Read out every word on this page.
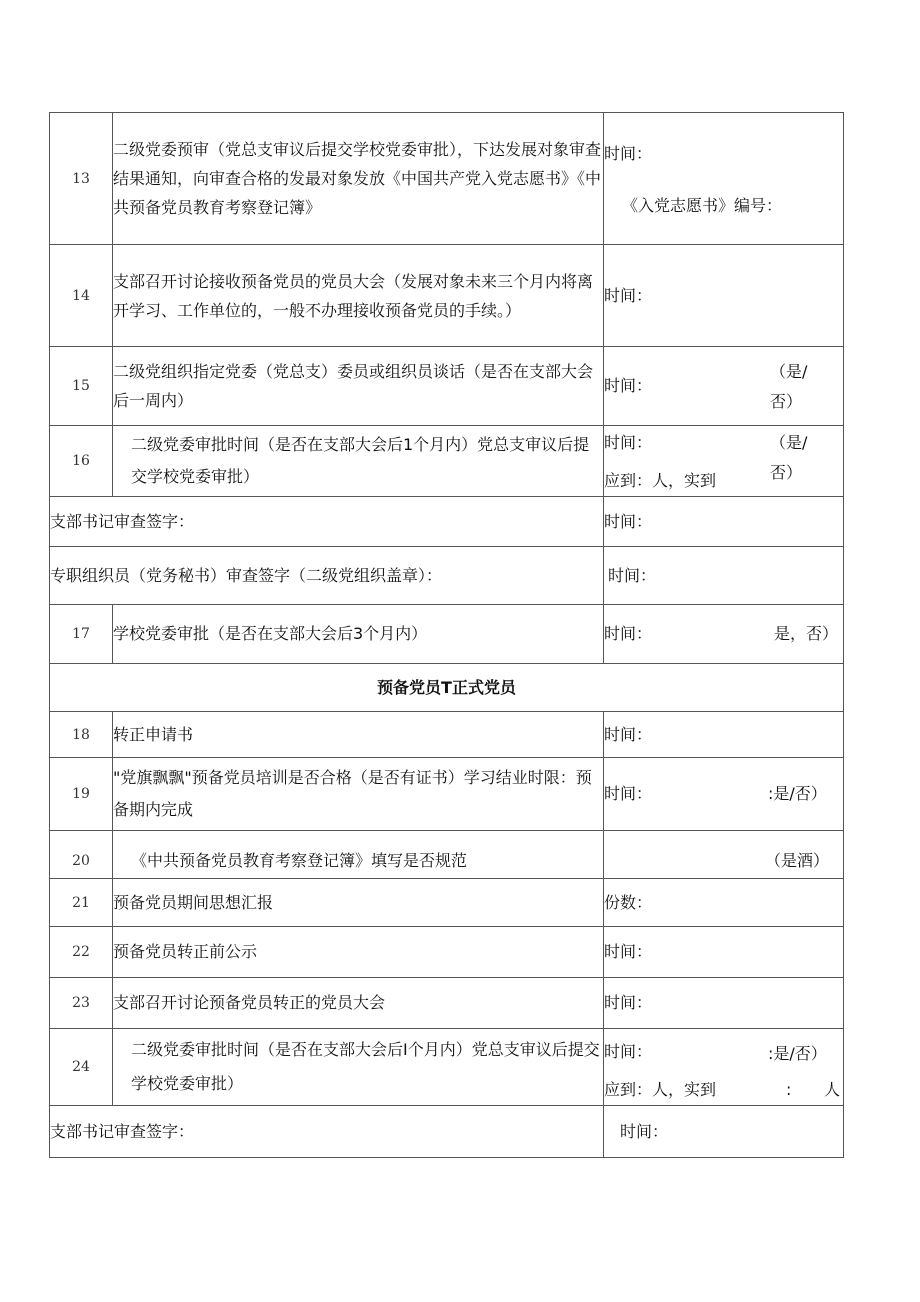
13	二级党委预审（党总支审议后提交学校党委审批），下达发展对象审查结果通知，向审查合格的发最对象发放《中国共产党入党志愿书》《中共预备党员教育考察登记簿》	时间：
《入党志愿书》编号：

14	支部召开讨论接收预备党员的党员大会（发展对象未来三个月内将离开学习、工作单位的，一般不办理接收预备党员的手续。）	时间：
15	二级党组织指定党委（党总支）委员或组织员谈话（是否在支部大会后一周内）	时间：
（是/
否）

16	二级党委审批时间（是否在支部大会后1个月内）党总支审议后提交学校党委审批）	时间：
应到：人，实到
（是/
否）

支部书记审查签字：		时间：
专职组织员（党务秘书）审查签字（二级党组织盖章）：		时间：
17	学校党委审批（是否在支部大会后3个月内）	时间： 是，否）

预备党员T正式党员		
18	转正申请书	时间：
19	"党旗飘飘"预备党员培训是否合格（是否有证书）学习结业时限：预备期内完成	时间： :是/否）

20	《中共预备党员教育考察登记簿》填写是否规范	（是酒）
21	预备党员期间思想汇报	份数：
22	预备党员转正前公示	时间：
23	支部召开讨论预备党员转正的党员大会	时间：
24	二级党委审批时间（是否在支部大会后I个月内）党总支审议后提交学校党委审批）	时间：
应到：人，实到
:是/否）
: 人

支部书记审查签字：		时间：
